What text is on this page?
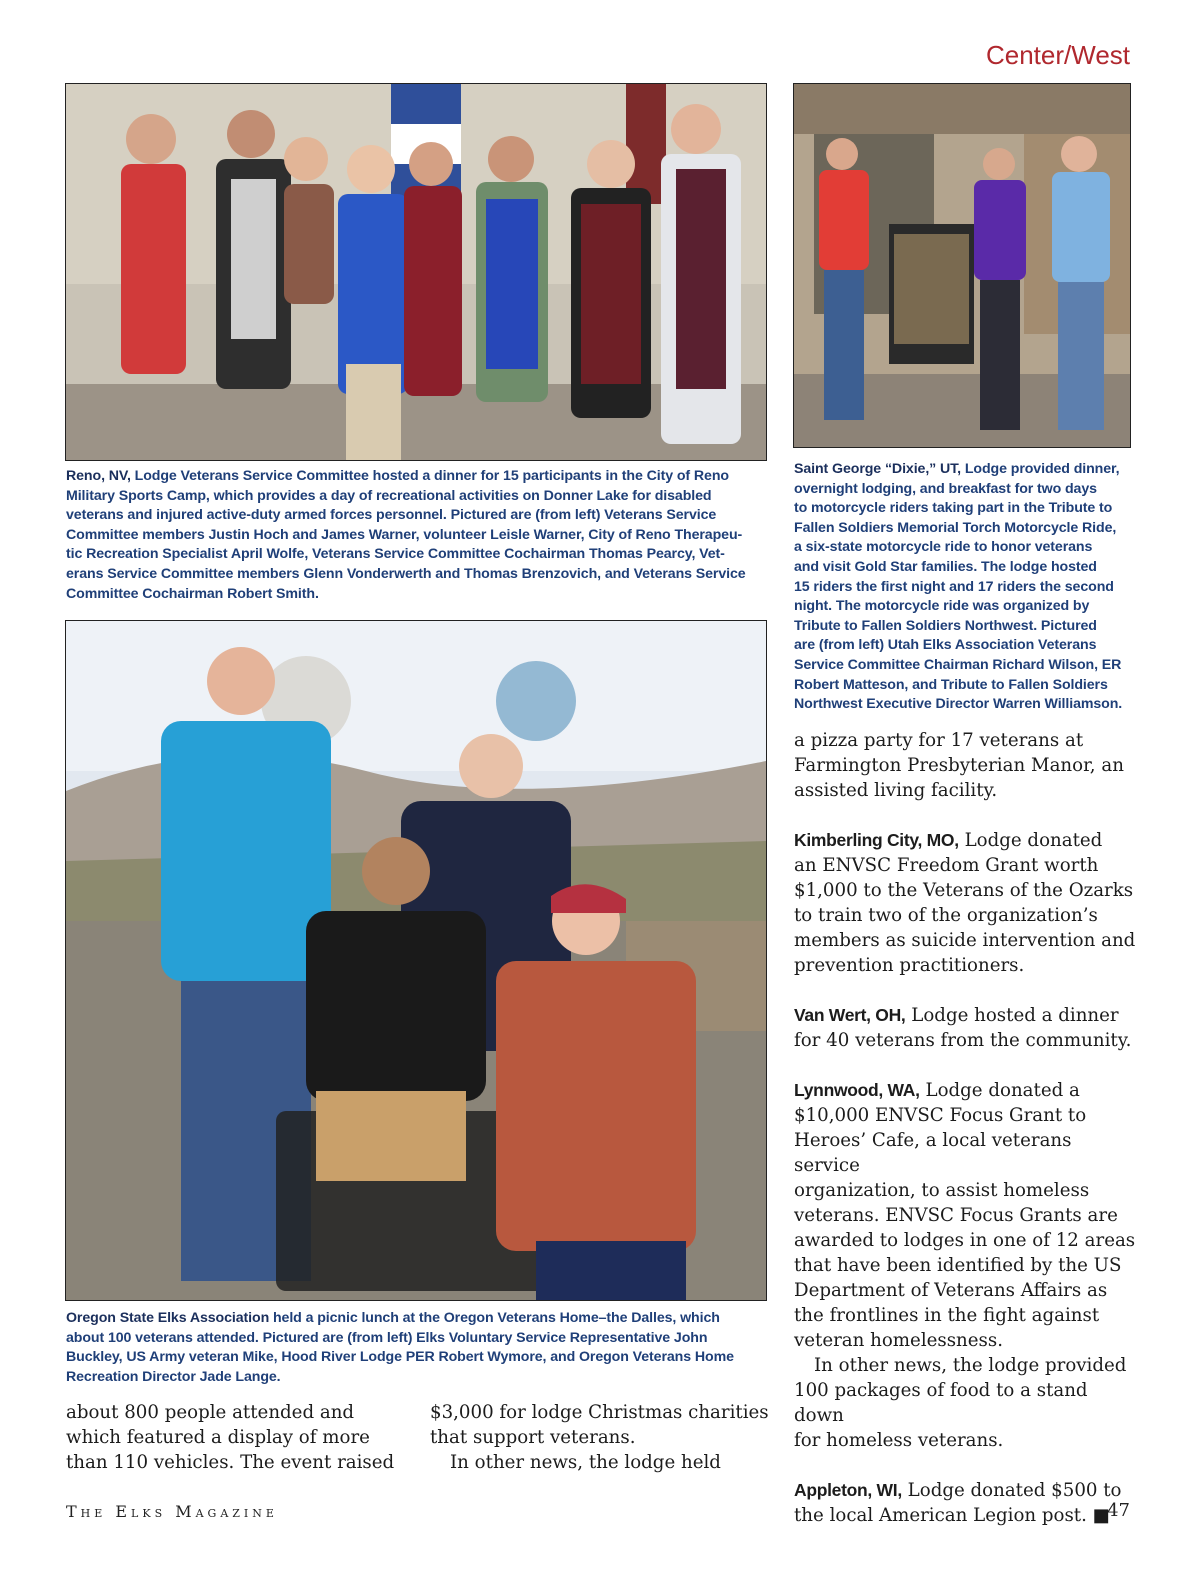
Center/West
Reno, NV, Lodge Veterans Service Committee hosted a dinner for 15 participants in the City of Reno
Military Sports Camp, which provides a day of recreational activities on Donner Lake for disabled
veterans and injured active-duty armed forces personnel. Pictured are (from left) Veterans Service
Committee members Justin Hoch and James Warner, volunteer Leisle Warner, City of Reno Therapeu-
tic Recreation Specialist April Wolfe, Veterans Service Committee Cochairman Thomas Pearcy, Vet-
erans Service Committee members Glenn Vonderwerth and Thomas Brenzovich, and Veterans Service
Committee Cochairman Robert Smith.
Saint George “Dixie,” UT, Lodge provided dinner,
overnight lodging, and breakfast for two days
to motorcycle riders taking part in the Tribute to
Fallen Soldiers Memorial Torch Motorcycle Ride,
a six-state motorcycle ride to honor veterans
and visit Gold Star families. The lodge hosted
15 riders the first night and 17 riders the second
night. The motorcycle ride was organized by
Tribute to Fallen Soldiers Northwest. Pictured
are (from left) Utah Elks Association Veterans
Service Committee Chairman Richard Wilson, ER
Robert Matteson, and Tribute to Fallen Soldiers
Northwest Executive Director Warren Williamson.
Oregon State Elks Association held a picnic lunch at the Oregon Veterans Home–the Dalles, which
about 100 veterans attended. Pictured are (from left) Elks Voluntary Service Representative John
Buckley, US Army veteran Mike, Hood River Lodge PER Robert Wymore, and Oregon Veterans Home
Recreation Director Jade Lange.

about 800 people attended and

which featured a display of more

than 110 vehicles. The event raised

$3,000 for lodge Christmas charities

that support veterans.

In other news, the lodge held

a pizza party for 17 veterans at

Farmington Presbyterian Manor, an

assisted living facility.

Kimberling City, MO, Lodge donated

an ENVSC Freedom Grant worth

$1,000 to the Veterans of the Ozarks

to train two of the organization’s

members as suicide intervention and

prevention practitioners.

Van Wert, OH, Lodge hosted a dinner

for 40 veterans from the community.

Lynnwood, WA, Lodge donated a

$10,000 ENVSC Focus Grant to

Heroes’ Cafe, a local veterans service

organization, to assist homeless

veterans. ENVSC Focus Grants are

awarded to lodges in one of 12 areas

that have been identified by the US

Department of Veterans Affairs as

the frontlines in the fight against

veteran homelessness.

In other news, the lodge provided

100 packages of food to a stand down

for homeless veterans.

Appleton, WI, Lodge donated $500 to

the local American Legion post. ■

The Elks Magazine	47
